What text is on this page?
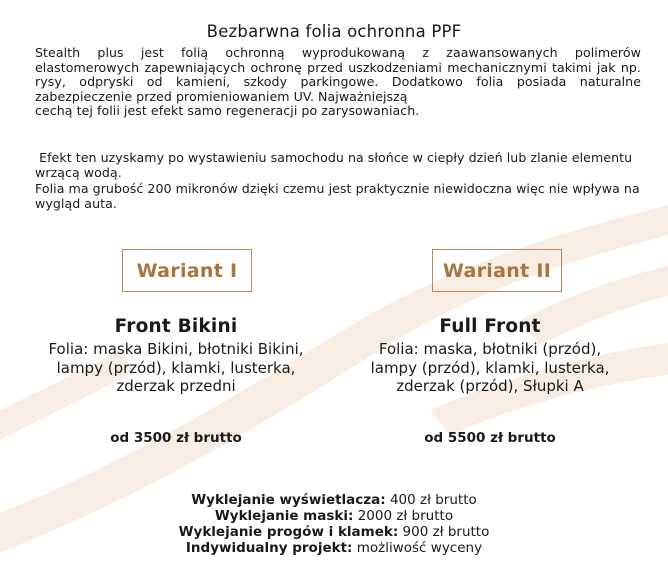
Bezbarwna folia ochronna PPF

Stealth plus jest folią ochronną wyprodukowaną z zaawansowanych polimerów elastomerowych zapewniających ochronę przed uszkodzeniami mechanicznymi takimi jak np. rysy, odpryski od kamieni, szkody parkingowe. Dodatkowo folia posiada naturalne zabezpieczenie przed promieniowaniem UV. Najważniejszą
cechą tej folii jest efekt samo regeneracji po zarysowaniach.

Efekt ten uzyskamy po wystawieniu samochodu na słońce w ciepły dzień lub zlanie elementu wrzącą wodą.

Folia ma grubość 200 mikronów dzięki czemu jest praktycznie niewidoczna więc nie wpływa na wygląd auta.

Wariant I	Wariant II
Front Bikini
Folia: maska Bikini, błotniki Bikini, lampy (przód), klamki, lusterka, zderzak przedni
od 3500 zł brutto
Full Front
Folia: maska, błotniki (przód), lampy (przód), klamki, lusterka, zderzak (przód), Słupki A
od 5500 zł brutto
Wyklejanie wyświetlacza: 400 zł brutto
Wyklejanie maski: 2000 zł brutto
Wyklejanie progów i klamek: 900 zł brutto
Indywidualny projekt: możliwość wyceny
